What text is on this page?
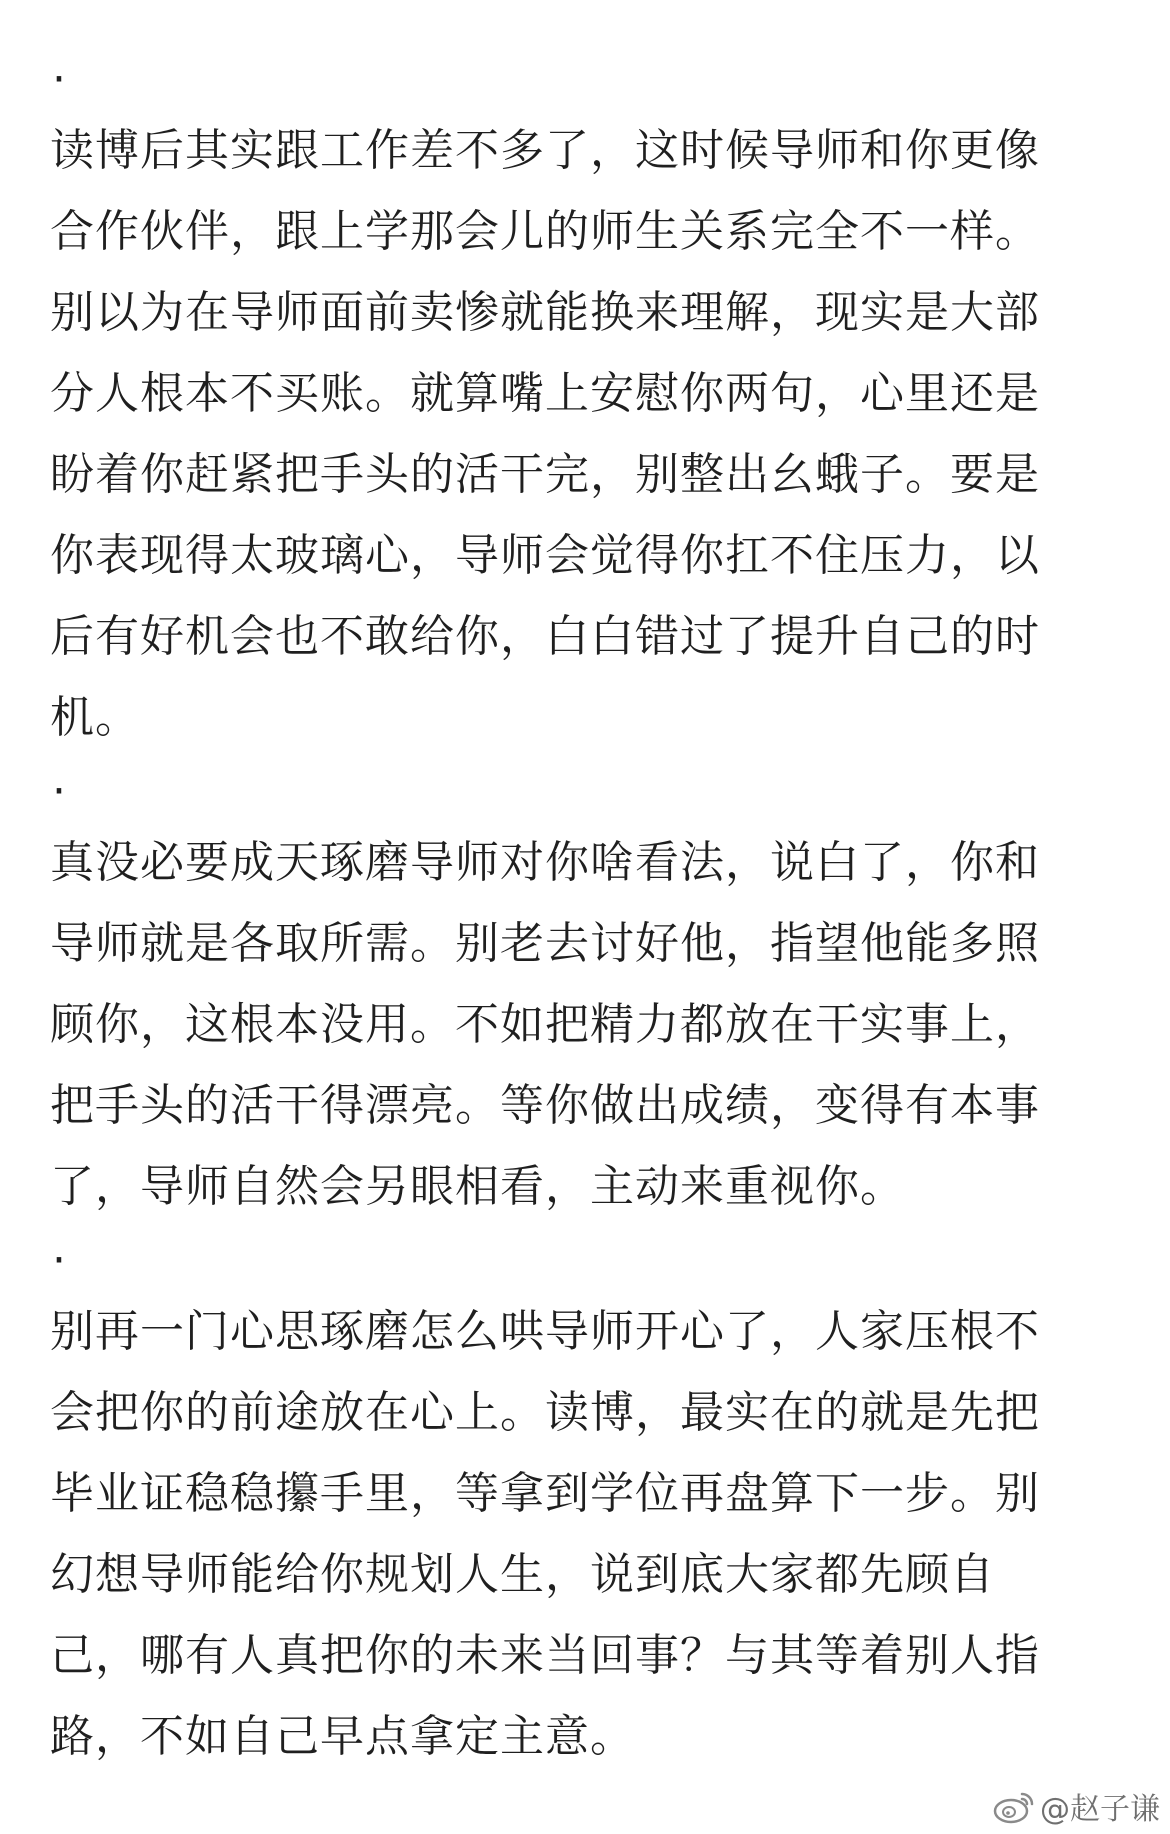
·

读博后其实跟工作差不多了，这时候导师和你更像合作伙伴，跟上学那会儿的师生关系完全不一样。别以为在导师面前卖惨就能换来理解，现实是大部分人根本不买账。就算嘴上安慰你两句，心里还是盼着你赶紧把手头的活干完，别整出幺蛾子。要是你表现得太玻璃心，导师会觉得你扛不住压力，以后有好机会也不敢给你，白白错过了提升自己的时机。

·

真没必要成天琢磨导师对你啥看法，说白了，你和导师就是各取所需。别老去讨好他，指望他能多照顾你，这根本没用。不如把精力都放在干实事上，把手头的活干得漂亮。等你做出成绩，变得有本事了，导师自然会另眼相看，主动来重视你。

·

别再一门心思琢磨怎么哄导师开心了，人家压根不会把你的前途放在心上。读博，最实在的就是先把毕业证稳稳攥手里，等拿到学位再盘算下一步。别幻想导师能给你规划人生，说到底大家都先顾自己，哪有人真把你的未来当回事？与其等着别人指路，不如自己早点拿定主意。

@赵子谦
